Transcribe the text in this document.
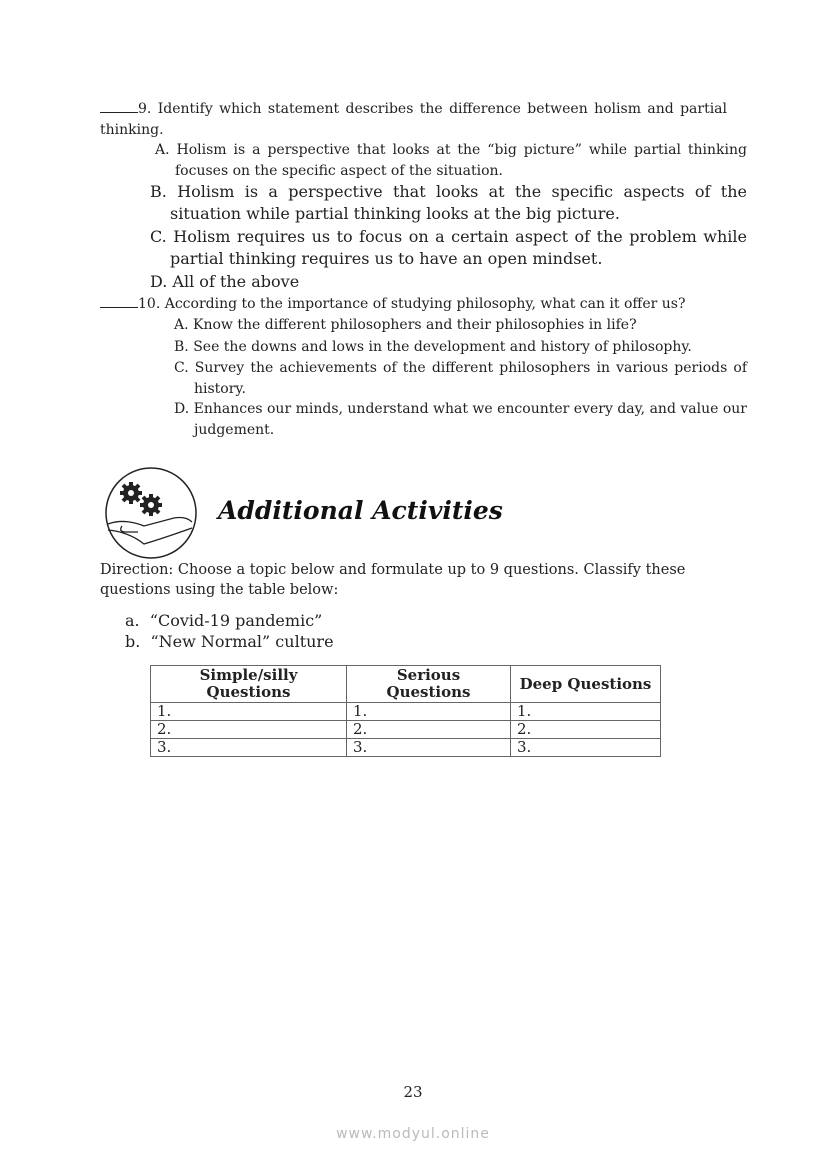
9. Identify which statement describes the difference between holism and partial thinking.
A. Holism is a perspective that looks at the “big picture” while partial thinking focuses on the specific aspect of the situation.
B. Holism is a perspective that looks at the specific aspects of the situation while partial thinking looks at the big picture.
C. Holism requires us to focus on a certain aspect of the problem while partial thinking requires us to have an open mindset.
D. All of the above
10. According to the importance of studying philosophy, what can it offer us?
A. Know the different philosophers and their philosophies in life?
B. See the downs and lows in the development and history of philosophy.
C. Survey the achievements of the different philosophers in various periods of history.
D. Enhances our minds, understand what we encounter every day, and value our judgement.
Additional Activities
Direction: Choose a topic below and formulate up to 9 questions. Classify these questions using the table below:
a.  “Covid-19 pandemic”
b.  “New Normal” culture
Simple/silly Questions	Serious Questions	Deep Questions
1.	1.	1.
2.	2.	2.
3.	3.	3.
23
www.modyul.online
